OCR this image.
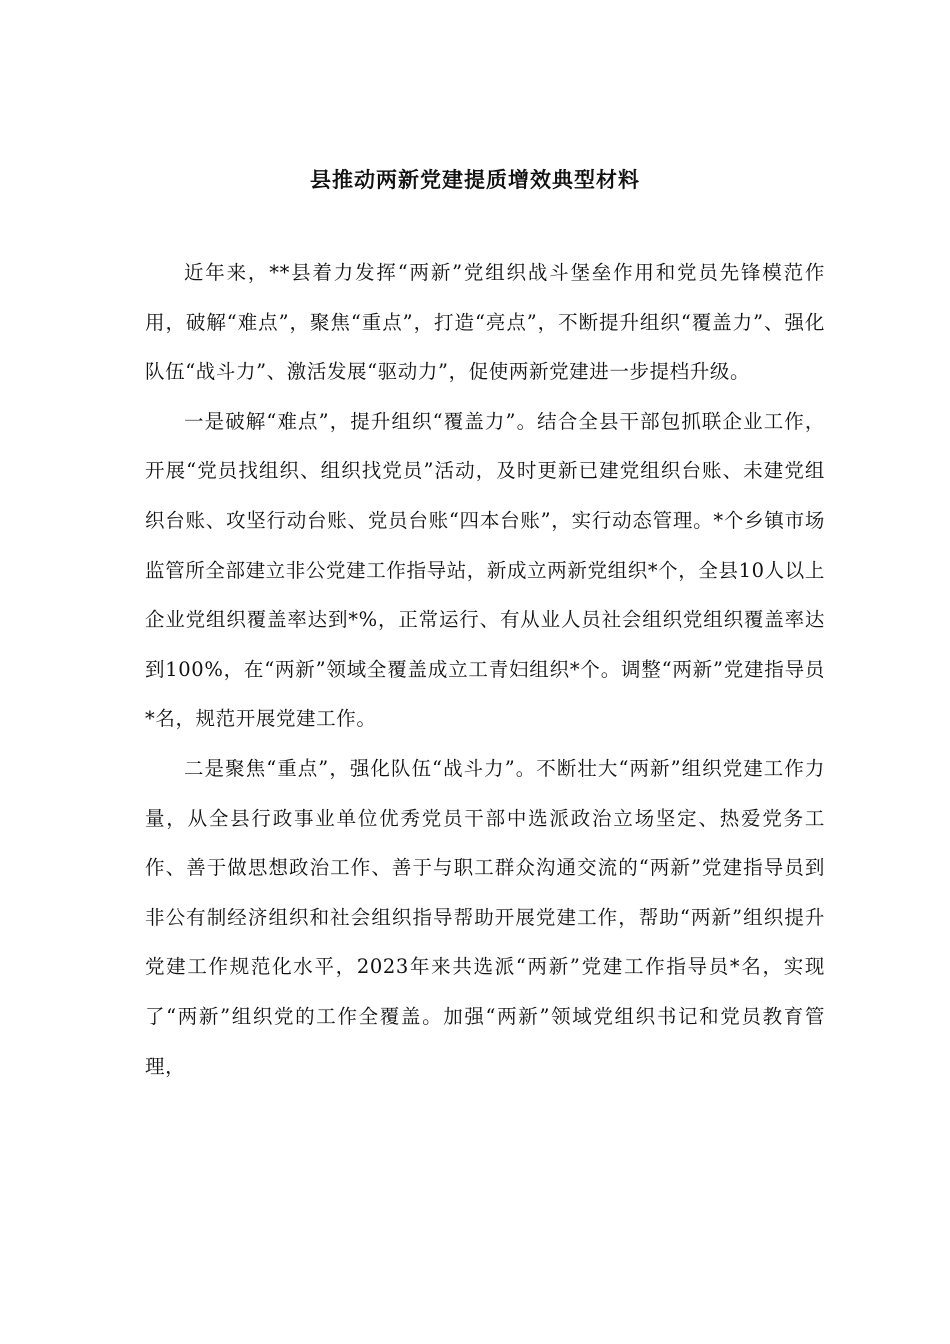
县推动两新党建提质增效典型材料

近年来，**县着力发挥“两新”党组织战斗堡垒作用和党员先锋模范作用，破解“难点”，聚焦“重点”，打造“亮点”，不断提升组织“覆盖力”、强化队伍“战斗力”、激活发展“驱动力”，促使两新党建进一步提档升级。

一是破解“难点”，提升组织“覆盖力”。结合全县干部包抓联企业工作，开展“党员找组织、组织找党员”活动，及时更新已建党组织台账、未建党组织台账、攻坚行动台账、党员台账“四本台账”，实行动态管理。*个乡镇市场监管所全部建立非公党建工作指导站，新成立两新党组织*个，全县10人以上企业党组织覆盖率达到*%，正常运行、有从业人员社会组织党组织覆盖率达到100%，在“两新”领域全覆盖成立工青妇组织*个。调整“两新”党建指导员*名，规范开展党建工作。

二是聚焦“重点”，强化队伍“战斗力”。不断壮大“两新”组织党建工作力量，从全县行政事业单位优秀党员干部中选派政治立场坚定、热爱党务工作、善于做思想政治工作、善于与职工群众沟通交流的“两新”党建指导员到非公有制经济组织和社会组织指导帮助开展党建工作，帮助“两新”组织提升党建工作规范化水平，2023年来共选派“两新”党建工作指导员*名，实现了“两新”组织党的工作全覆盖。加强“两新”领域党组织书记和党员教育管理，
